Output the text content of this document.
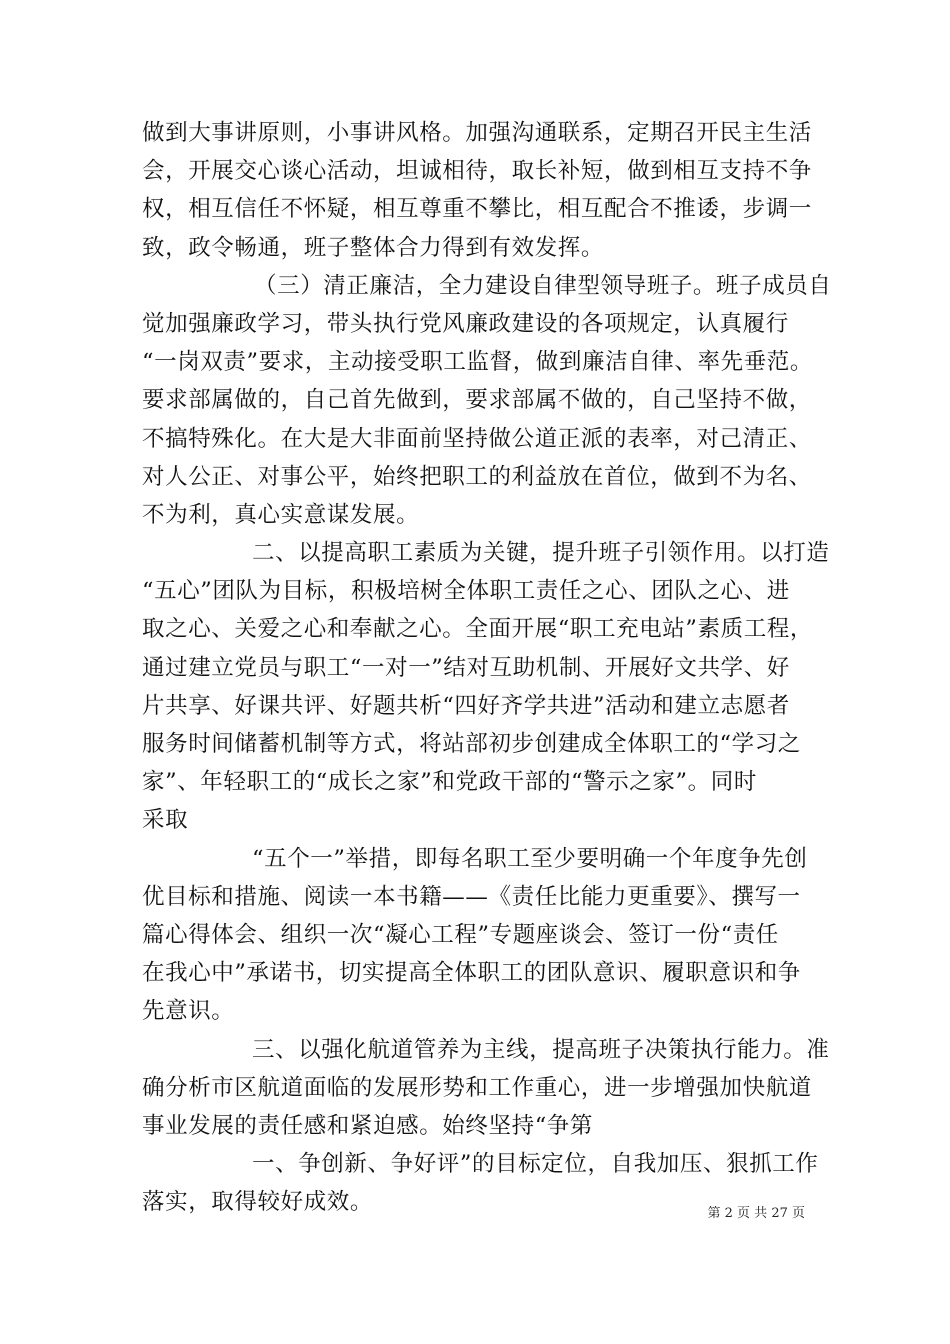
做到大事讲原则，小事讲风格。加强沟通联系，定期召开民主生活
会，开展交心谈心活动，坦诚相待，取长补短，做到相互支持不争
权，相互信任不怀疑，相互尊重不攀比，相互配合不推诿，步调一
致，政令畅通，班子整体合力得到有效发挥。
（三）清正廉洁，全力建设自律型领导班子。班子成员自
觉加强廉政学习，带头执行党风廉政建设的各项规定，认真履行
“一岗双责”要求，主动接受职工监督，做到廉洁自律、率先垂范。
要求部属做的，自己首先做到，要求部属不做的，自己坚持不做，
不搞特殊化。在大是大非面前坚持做公道正派的表率，对己清正、
对人公正、对事公平，始终把职工的利益放在首位，做到不为名、
不为利，真心实意谋发展。
二、以提高职工素质为关键，提升班子引领作用。以打造
“五心”团队为目标，积极培树全体职工责任之心、团队之心、进
取之心、关爱之心和奉献之心。全面开展“职工充电站”素质工程，
通过建立党员与职工“一对一”结对互助机制、开展好文共学、好
片共享、好课共评、好题共析“四好齐学共进”活动和建立志愿者
服务时间储蓄机制等方式，将站部初步创建成全体职工的“学习之
家”、年轻职工的“成长之家”和党政干部的“警示之家”。同时
采取
“五个一”举措，即每名职工至少要明确一个年度争先创
优目标和措施、阅读一本书籍——《责任比能力更重要》、撰写一
篇心得体会、组织一次“凝心工程”专题座谈会、签订一份“责任
在我心中”承诺书，切实提高全体职工的团队意识、履职意识和争
先意识。
三、以强化航道管养为主线，提高班子决策执行能力。准
确分析市区航道面临的发展形势和工作重心，进一步增强加快航道
事业发展的责任感和紧迫感。始终坚持“争第
一、争创新、争好评”的目标定位，自我加压、狠抓工作
落实，取得较好成效。	第 2 页 共 27 页
